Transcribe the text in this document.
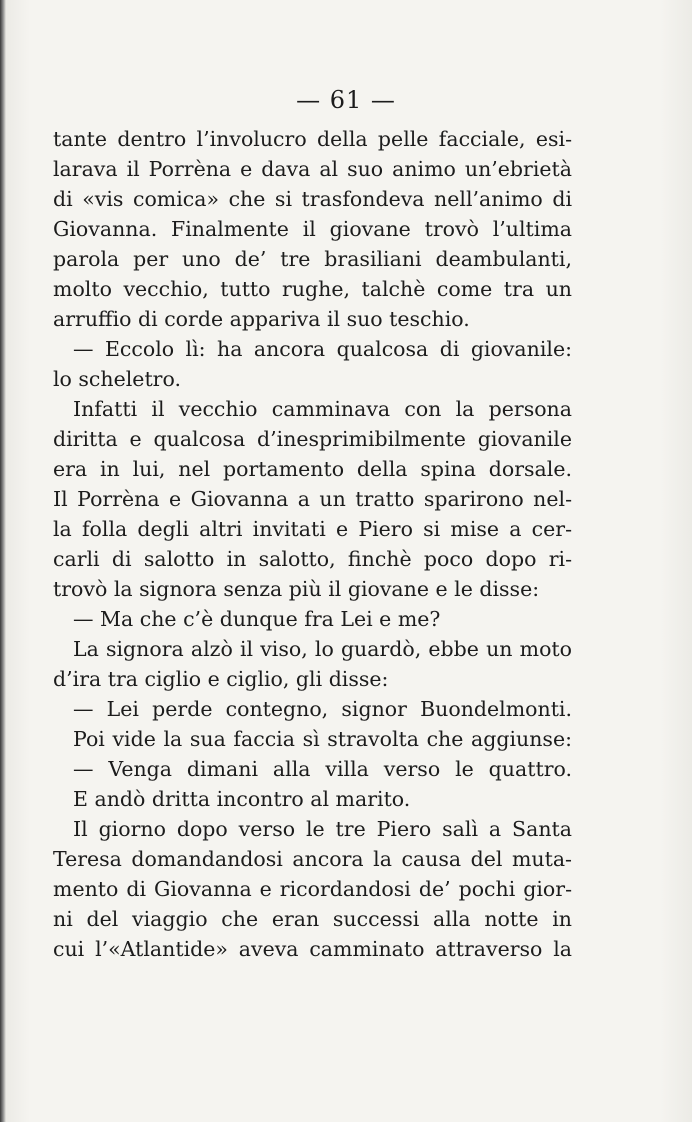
— 61 —
tante dentro l’involucro della pelle facciale, esi-
larava il Porrèna e dava al suo animo un’ebrietà
di «vis comica» che si trasfondeva nell’animo di
Giovanna. Finalmente il giovane trovò l’ultima
parola per uno de’ tre brasiliani deambulanti,
molto vecchio, tutto rughe, talchè come tra un
arruffio di corde appariva il suo teschio.
— Eccolo lì: ha ancora qualcosa di giovanile:
lo scheletro.
Infatti il vecchio camminava con la persona
diritta e qualcosa d’inesprimibilmente giovanile
era in lui, nel portamento della spina dorsale.
Il Porrèna e Giovanna a un tratto sparirono nel-
la folla degli altri invitati e Piero si mise a cer-
carli di salotto in salotto, finchè poco dopo ri-
trovò la signora senza più il giovane e le disse:
— Ma che c’è dunque fra Lei e me?
La signora alzò il viso, lo guardò, ebbe un moto
d’ira tra ciglio e ciglio, gli disse:
— Lei perde contegno, signor Buondelmonti.
Poi vide la sua faccia sì stravolta che aggiunse:
— Venga dimani alla villa verso le quattro.
E andò dritta incontro al marito.
Il giorno dopo verso le tre Piero salì a Santa
Teresa domandandosi ancora la causa del muta-
mento di Giovanna e ricordandosi de’ pochi gior-
ni del viaggio che eran successi alla notte in
cui l’«Atlantide» aveva camminato attraverso la
